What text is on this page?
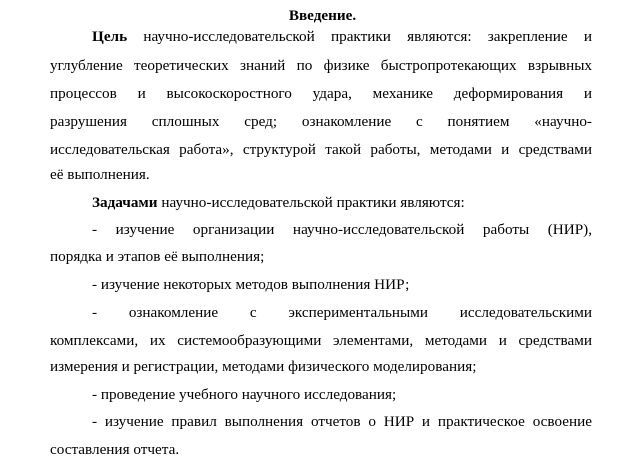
Введение.
Цель научно-исследовательской практики являются: закрепление и
углубление теоретических знаний по физике быстропротекающих взрывных
процессов и высокоскоростного удара, механике деформирования и
разрушения сплошных сред; ознакомление с понятием «научно-
исследовательская работа», структурой такой работы, методами и средствами
её выполнения.
Задачами научно-исследовательской практики являются:
- изучение организации научно-исследовательской работы (НИР),
порядка и этапов её выполнения;
- изучение некоторых методов выполнения НИР;
- ознакомление с экспериментальными исследовательскими
комплексами, их системообразующими элементами, методами и средствами
измерения и регистрации, методами физического моделирования;
- проведение учебного научного исследования;
- изучение правил выполнения отчетов о НИР и практическое освоение
составления отчета.
